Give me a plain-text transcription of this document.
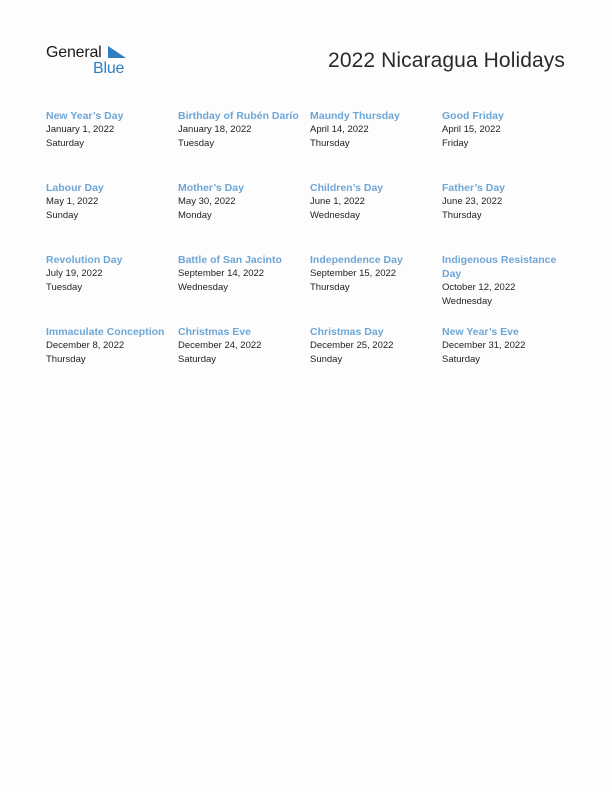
General
Blue	2022 Nicaragua Holidays
New Year’s Day
January 1, 2022
Saturday
Birthday of Rubén Darío
January 18, 2022
Tuesday
Maundy Thursday
April 14, 2022
Thursday
Good Friday
April 15, 2022
Friday
Labour Day
May 1, 2022
Sunday
Mother’s Day
May 30, 2022
Monday
Children’s Day
June 1, 2022
Wednesday
Father’s Day
June 23, 2022
Thursday
Revolution Day
July 19, 2022
Tuesday
Battle of San Jacinto
September 14, 2022
Wednesday
Independence Day
September 15, 2022
Thursday
Indigenous Resistance Day
October 12, 2022
Wednesday
Immaculate Conception
December 8, 2022
Thursday
Christmas Eve
December 24, 2022
Saturday
Christmas Day
December 25, 2022
Sunday
New Year’s Eve
December 31, 2022
Saturday
